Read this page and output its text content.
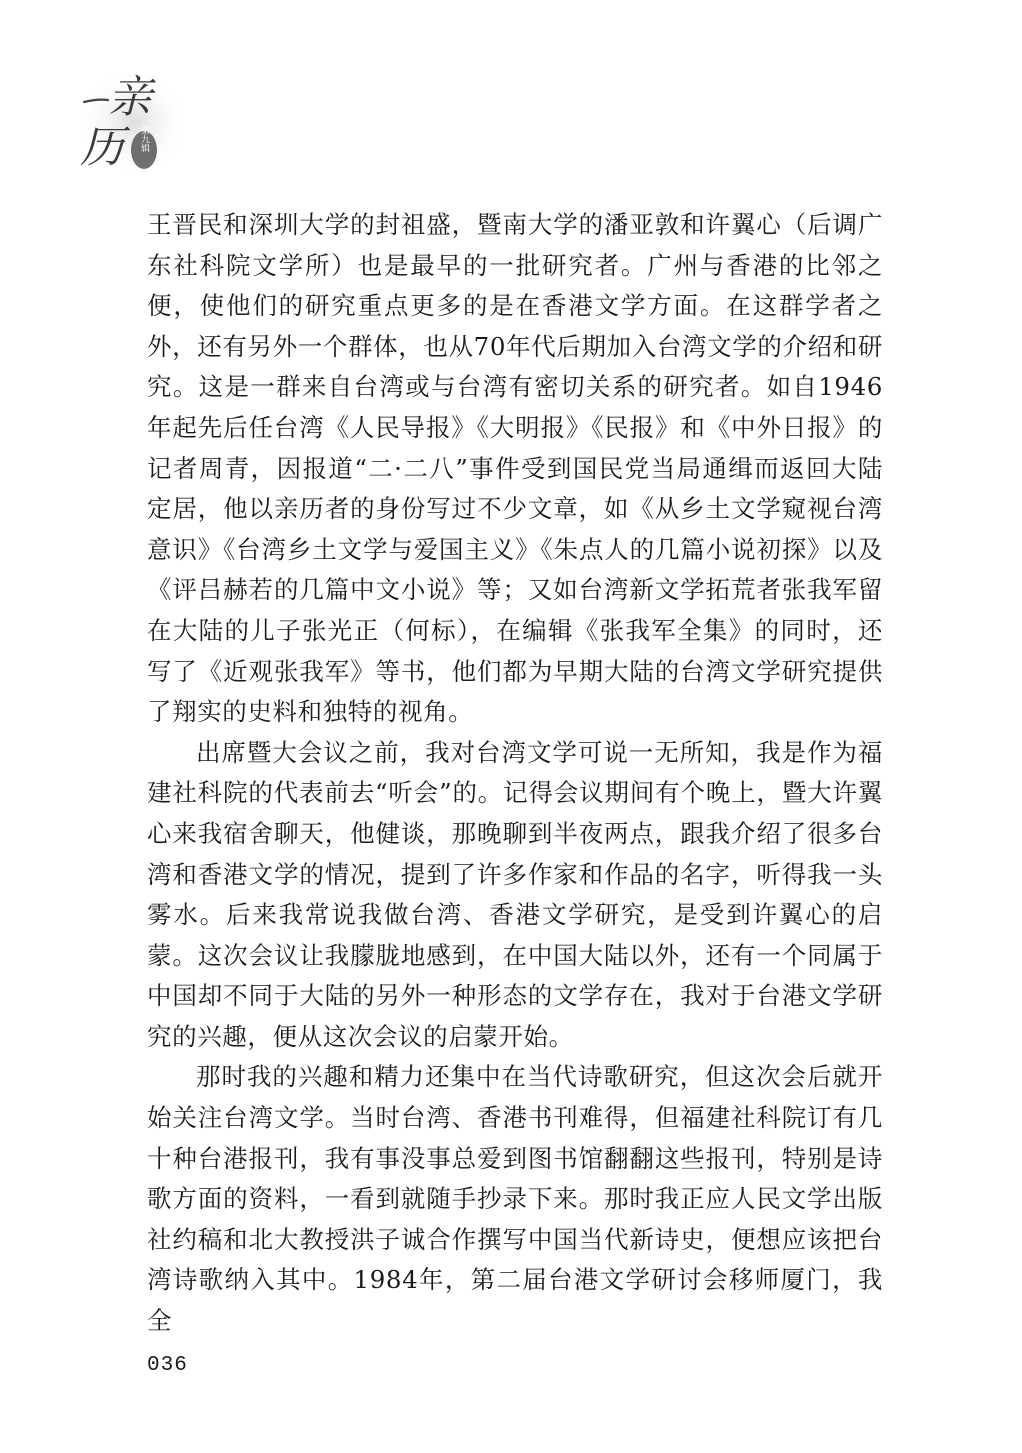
亲
历	第九辑

王晋民和深圳大学的封祖盛，暨南大学的潘亚敦和许翼心（后调广东社科院文学所）也是最早的一批研究者。广州与香港的比邻之便，使他们的研究重点更多的是在香港文学方面。在这群学者之外，还有另外一个群体，也从70年代后期加入台湾文学的介绍和研究。这是一群来自台湾或与台湾有密切关系的研究者。如自1946年起先后任台湾《人民导报》《大明报》《民报》和《中外日报》的记者周青，因报道“二·二八”事件受到国民党当局通缉而返回大陆定居，他以亲历者的身份写过不少文章，如《从乡土文学窥视台湾意识》《台湾乡土文学与爱国主义》《朱点人的几篇小说初探》以及《评吕赫若的几篇中文小说》等；又如台湾新文学拓荒者张我军留在大陆的儿子张光正（何标），在编辑《张我军全集》的同时，还写了《近观张我军》等书，他们都为早期大陆的台湾文学研究提供了翔实的史料和独特的视角。

出席暨大会议之前，我对台湾文学可说一无所知，我是作为福建社科院的代表前去“听会”的。记得会议期间有个晚上，暨大许翼心来我宿舍聊天，他健谈，那晚聊到半夜两点，跟我介绍了很多台湾和香港文学的情况，提到了许多作家和作品的名字，听得我一头雾水。后来我常说我做台湾、香港文学研究，是受到许翼心的启蒙。这次会议让我朦胧地感到，在中国大陆以外，还有一个同属于中国却不同于大陆的另外一种形态的文学存在，我对于台港文学研究的兴趣，便从这次会议的启蒙开始。

那时我的兴趣和精力还集中在当代诗歌研究，但这次会后就开始关注台湾文学。当时台湾、香港书刊难得，但福建社科院订有几十种台港报刊，我有事没事总爱到图书馆翻翻这些报刊，特别是诗歌方面的资料，一看到就随手抄录下来。那时我正应人民文学出版社约稿和北大教授洪子诚合作撰写中国当代新诗史，便想应该把台湾诗歌纳入其中。1984年，第二届台港文学研讨会移师厦门，我全

036
